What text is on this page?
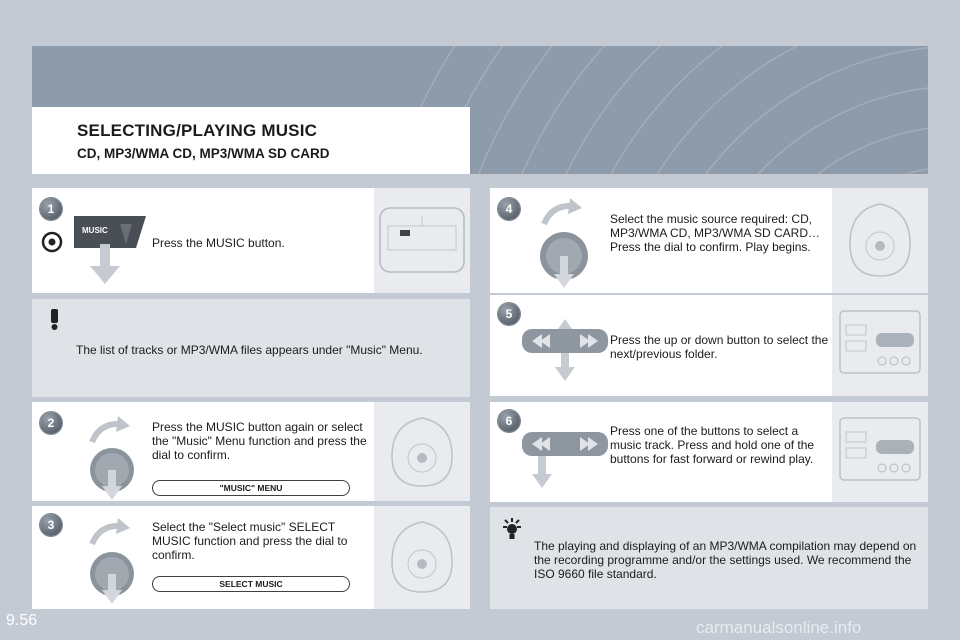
SELECTING/PLAYING MUSIC
CD, MP3/WMA CD, MP3/WMA SD CARD
1
MUSIC
Press the MUSIC button.
The list of tracks or MP3/WMA files appears under "Music" Menu.
2	Press the MUSIC button again or select the "Music" Menu function and press the dial to confirm.
"MUSIC" MENU
3	Select the "Select music" SELECT MUSIC function and press the dial to confirm.
SELECT MUSIC
4
Select the music source required: CD, MP3/WMA CD, MP3/WMA SD CARD… Press the dial to confirm. Play begins.
5
Press the up or down button to select the next/previous folder.
6
Press one of the buttons to select a music track. Press and hold one of the buttons for fast forward or rewind play.
The playing and displaying of an MP3/WMA compilation may depend on the recording programme and/or the settings used. We recommend the ISO 9660 file standard.
9.56	carmanualsonline.info
